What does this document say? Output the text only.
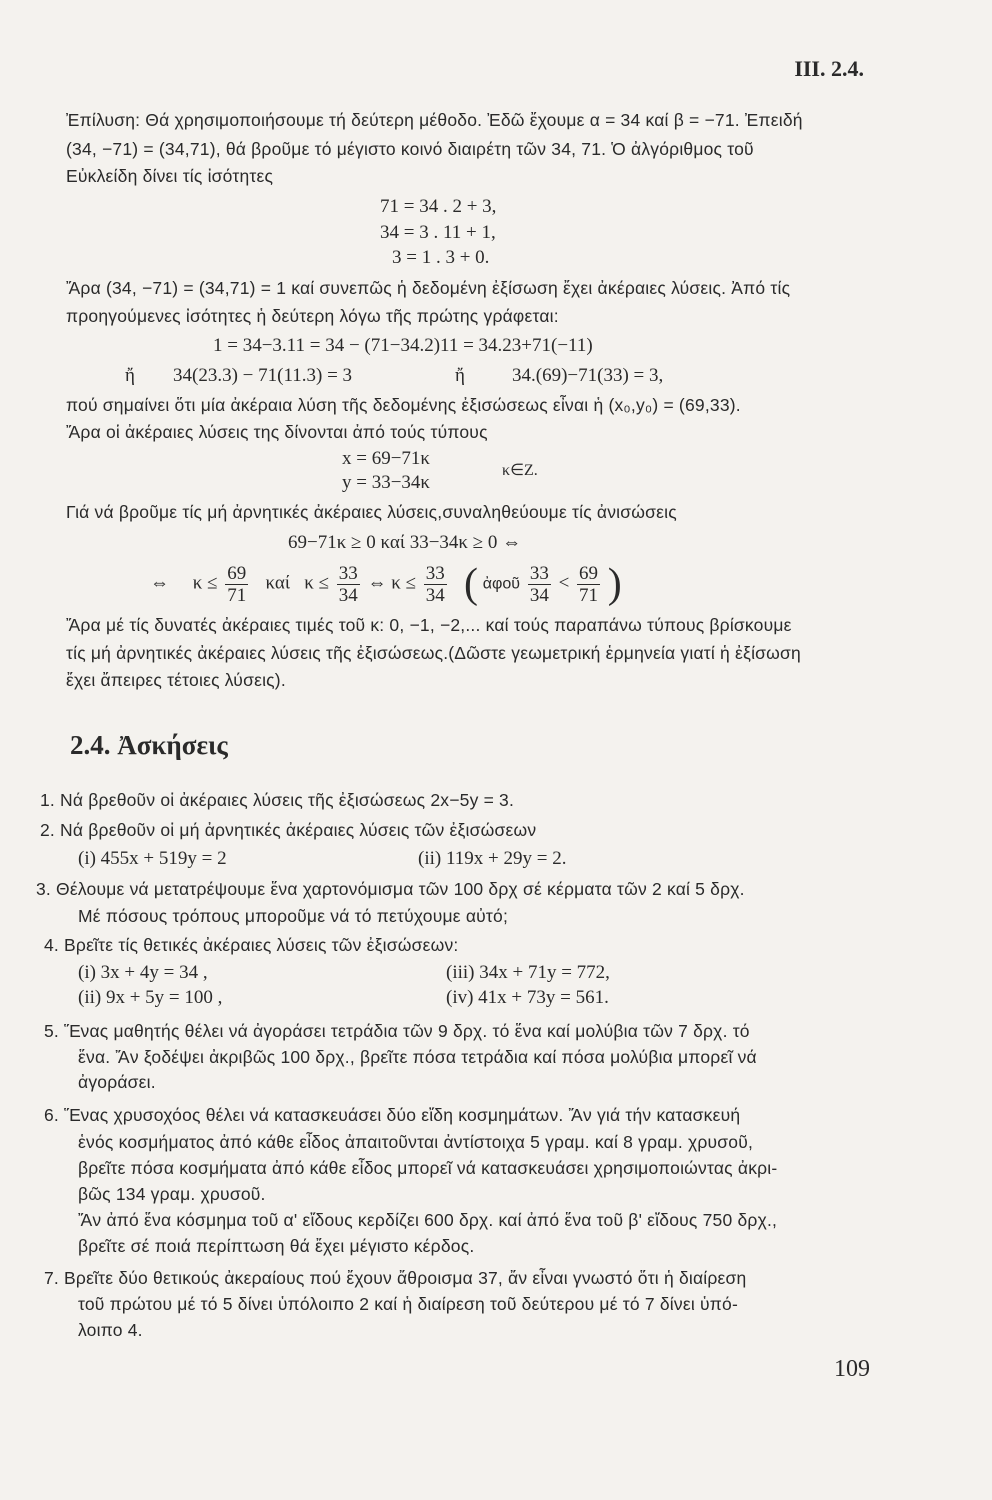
III. 2.4.
Ἐπίλυση: Θά χρησιμοποιήσουμε τή δεύτερη μέθοδο. Ἐδῶ ἔχουμε α = 34 καί β = −71. Ἐπειδή
(34, −71) = (34,71), θά βροῦμε τό μέγιστο κοινό διαιρέτη τῶν 34, 71. Ὁ ἀλγόριθμος τοῦ
Εὐκλείδη δίνει τίς ἰσότητες
71 = 34 . 2 + 3,
34 = 3 . 11 + 1,
3 = 1 . 3 + 0.
Ἄρα (34, −71) = (34,71) = 1 καί συνεπῶς ἡ δεδομένη ἐξίσωση ἔχει ἀκέραιες λύσεις. Ἀπό τίς
προηγούμενες ἰσότητες ἡ δεύτερη λόγω τῆς πρώτης γράφεται:
1 = 34−3.11 = 34 − (71−34.2)11 = 34.23+71(−11)
ἤ 34(23.3) − 71(11.3) = 3	ἤ 34.(69)−71(33) = 3,
πού σημαίνει ὅτι μία ἀκέραια λύση τῆς δεδομένης ἐξισώσεως εἶναι ἡ (x₀,y₀) = (69,33).
Ἄρα οἱ ἀκέραιες λύσεις της δίνονται ἀπό τούς τύπους
x = 69−71κ
y = 33−34κ
κ∈Z.
Γιά νά βροῦμε τίς μή ἀρνητικές ἀκέραιες λύσεις,συναληθεύουμε τίς ἀνισώσεις
69−71κ ≥ 0 καί 33−34κ ≥ 0 ⇔
⇔ $\kappa \le \frac{69}{71}$ καί $\kappa \le \frac{33}{34}$ ⇔ $\kappa \le \frac{33}{34}$ ( ἀφοῦ $\frac{33}{34} < \frac{69}{71}$ )
Ἄρα μέ τίς δυνατές ἀκέραιες τιμές τοῦ κ: 0, −1, −2,... καί τούς παραπάνω τύπους βρίσκουμε
τίς μή ἀρνητικές ἀκέραιες λύσεις τῆς ἐξισώσεως.(Δῶστε γεωμετρική ἑρμηνεία γιατί ἡ ἐξίσωση
ἔχει ἄπειρες τέτοιες λύσεις).
2.4. Ἀσκήσεις
1. Νά βρεθοῦν οἱ ἀκέραιες λύσεις τῆς ἐξισώσεως 2x−5y = 3.
2. Νά βρεθοῦν οἱ μή ἀρνητικές ἀκέραιες λύσεις τῶν ἐξισώσεων
(i) 455x + 519y = 2	(ii) 119x + 29y = 2.
3. Θέλουμε νά μετατρέψουμε ἕνα χαρτονόμισμα τῶν 100 δρχ σέ κέρματα τῶν 2 καί 5 δρχ.
Μέ πόσους τρόπους μποροῦμε νά τό πετύχουμε αὐτό;
4. Βρεῖτε τίς θετικές ἀκέραιες λύσεις τῶν ἐξισώσεων:
(i) 3x + 4y = 34 ,
(ii) 9x + 5y = 100 ,
(iii) 34x + 71y = 772,
(iv) 41x + 73y = 561.
5. Ἕνας μαθητής θέλει νά ἀγοράσει τετράδια τῶν 9 δρχ. τό ἕνα καί μολύβια τῶν 7 δρχ. τό
ἕνα. Ἄν ξοδέψει ἀκριβῶς 100 δρχ., βρεῖτε πόσα τετράδια καί πόσα μολύβια μπορεῖ νά
ἀγοράσει.
6. Ἕνας χρυσοχόος θέλει νά κατασκευάσει δύο εἴδη κοσμημάτων. Ἄν γιά τήν κατασκευή
ἑνός κοσμήματος ἀπό κάθε εἶδος ἀπαιτοῦνται ἀντίστοιχα 5 γραμ. καί 8 γραμ. χρυσοῦ,
βρεῖτε πόσα κοσμήματα ἀπό κάθε εἶδος μπορεῖ νά κατασκευάσει χρησιμοποιώντας ἀκρι-
βῶς 134 γραμ. χρυσοῦ.
Ἄν ἀπό ἕνα κόσμημα τοῦ α' εἴδους κερδίζει 600 δρχ. καί ἀπό ἕνα τοῦ β' εἴδους 750 δρχ.,
βρεῖτε σέ ποιά περίπτωση θά ἔχει μέγιστο κέρδος.
7. Βρεῖτε δύο θετικούς ἀκεραίους πού ἔχουν ἄθροισμα 37, ἄν εἶναι γνωστό ὅτι ἡ διαίρεση
τοῦ πρώτου μέ τό 5 δίνει ὑπόλοιπο 2 καί ἡ διαίρεση τοῦ δεύτερου μέ τό 7 δίνει ὑπό-
λοιπο 4.
109
